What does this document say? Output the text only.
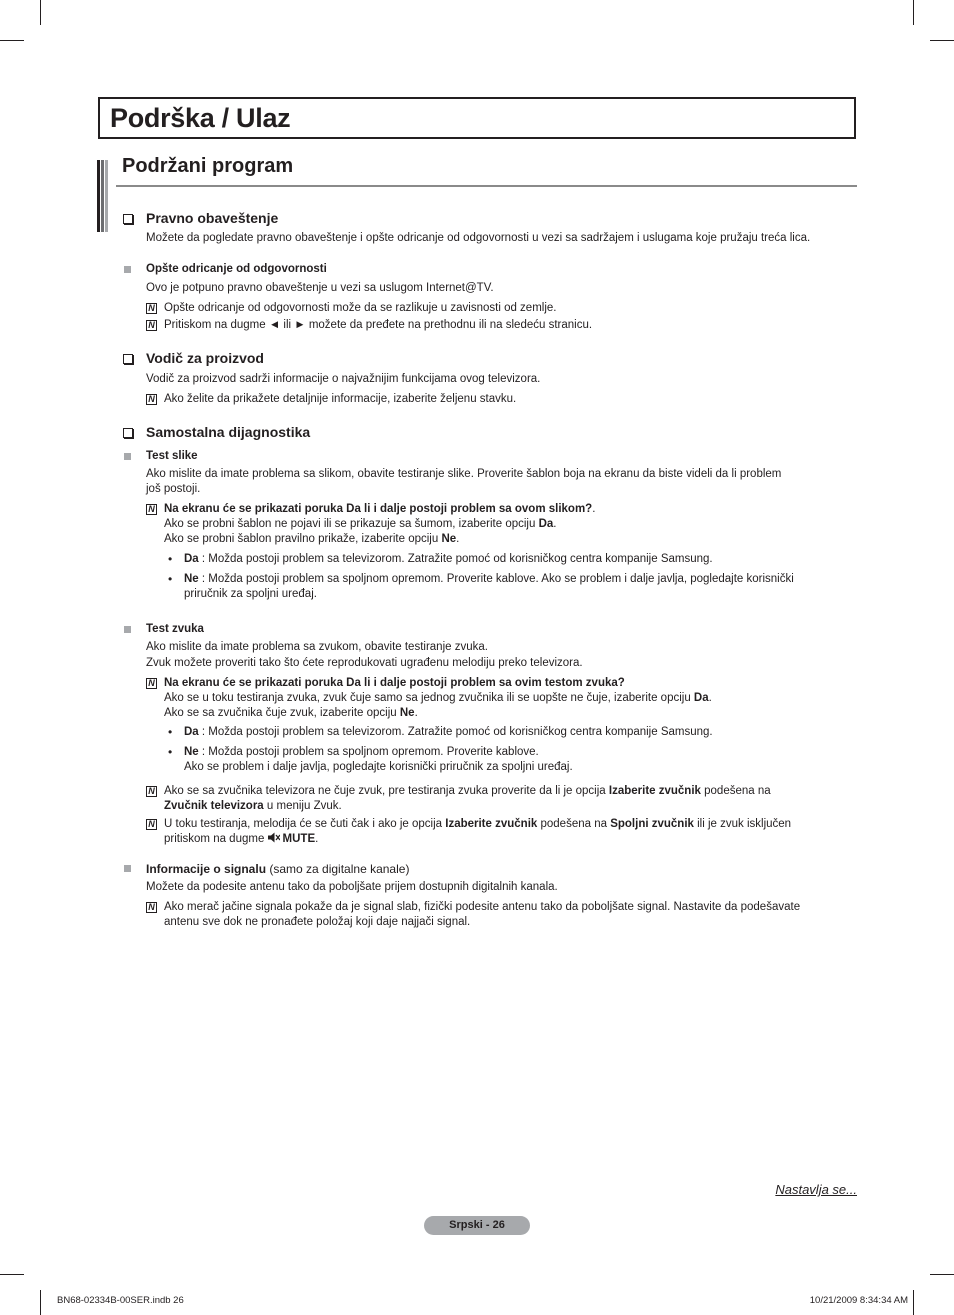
Podrška / Ulaz
Podržani program
Pravno obaveštenje
Možete da pogledate pravno obaveštenje i opšte odricanje od odgovornosti u vezi sa sadržajem i uslugama koje pružaju treća lica.
Opšte odricanje od odgovornosti
Ovo je potpuno pravno obaveštenje u vezi sa uslugom Internet@TV.
N Opšte odricanje od odgovornosti može da se razlikuje u zavisnosti od zemlje.
N Pritiskom na dugme ◄ ili ► možete da pređete na prethodnu ili na sledeću stranicu.
Vodič za proizvod
Vodič za proizvod sadrži informacije o najvažnijim funkcijama ovog televizora.
N Ako želite da prikažete detaljnije informacije, izaberite željenu stavku.
Samostalna dijagnostika
Test slike
Ako mislite da imate problema sa slikom, obavite testiranje slike. Proverite šablon boja na ekranu da biste videli da li problem
još postoji.
N Na ekranu će se prikazati poruka Da li i dalje postoji problem sa ovom slikom?.
Ako se probni šablon ne pojavi ili se prikazuje sa šumom, izaberite opciju Da.
Ako se probni šablon pravilno prikaže, izaberite opciju Ne.
• Da : Možda postoji problem sa televizorom. Zatražite pomoć od korisničkog centra kompanije Samsung.
• Ne : Možda postoji problem sa spoljnom opremom. Proverite kablove. Ako se problem i dalje javlja, pogledajte korisnički
priručnik za spoljni uređaj.
Test zvuka
Ako mislite da imate problema sa zvukom, obavite testiranje zvuka.
Zvuk možete proveriti tako što ćete reprodukovati ugrađenu melodiju preko televizora.
N Na ekranu će se prikazati poruka Da li i dalje postoji problem sa ovim testom zvuka?
Ako se u toku testiranja zvuka, zvuk čuje samo sa jednog zvučnika ili se uopšte ne čuje, izaberite opciju Da.
Ako se sa zvučnika čuje zvuk, izaberite opciju Ne.
• Da : Možda postoji problem sa televizorom. Zatražite pomoć od korisničkog centra kompanije Samsung.
• Ne : Možda postoji problem sa spoljnom opremom. Proverite kablove.
Ako se problem i dalje javlja, pogledajte korisnički priručnik za spoljni uređaj.
N Ako se sa zvučnika televizora ne čuje zvuk, pre testiranja zvuka proverite da li je opcija Izaberite zvučnik podešena na
Zvučnik televizora u meniju Zvuk.
N U toku testiranja, melodija će se čuti čak i ako je opcija Izaberite zvučnik podešena na Spoljni zvučnik ili je zvuk isključen
pritiskom na dugme MUTE.
Informacije o signalu (samo za digitalne kanale)
Možete da podesite antenu tako da poboljšate prijem dostupnih digitalnih kanala.
N Ako merač jačine signala pokaže da je signal slab, fizički podesite antenu tako da poboljšate signal. Nastavite da podešavate
antenu sve dok ne pronađete položaj koji daje najjači signal.
Nastavlja se...
Srpski - 26
BN68-02334B-00SER.indb 26	10/21/2009 8:34:34 AM
